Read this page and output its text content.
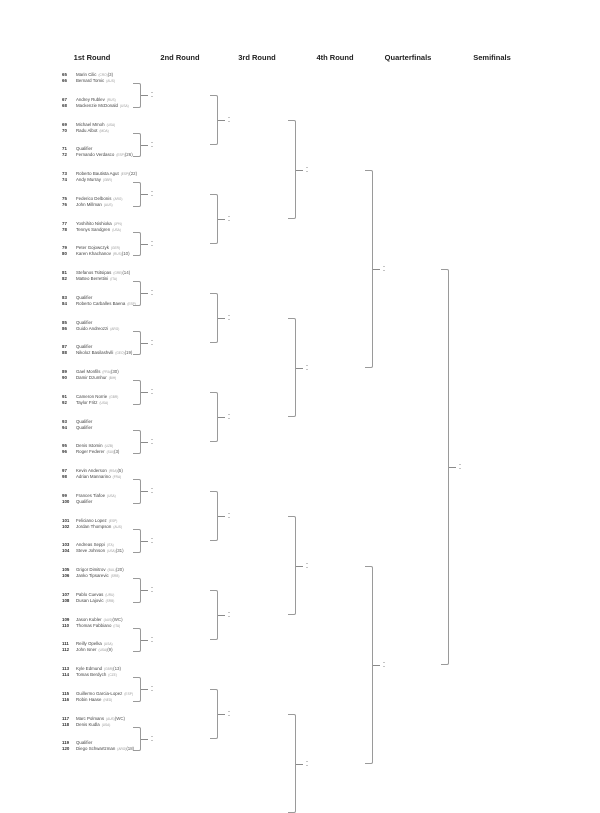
1st Round	2nd Round	3rd Round	4th Round	Quarterfinals	Semifinals
65 Marin Cilic (CRO)(3)
66 Bernard Tomic (AUS)
67 Andrey Rublev (RUS)
68 Mackenzie McDonald (USA)
69 Michael Mmoh (USA)
70 Radu Albot (MDA)
71 Qualifier
72 Fernando Verdasco (ESP)(26)
73 Roberto Bautista Agut (ESP)(22)
74 Andy Murray (GBR)
75 Federico Delbonis (ARG)
76 John Millman (AUS)
77 Yoshihito Nishioka (JPN)
78 Tennys Sandgren (USA)
79 Peter Gojowczyk (GER)
80 Karen Khachanov (RUS)(10)
81 Stefanos Tsitsipas (GRE)(14)
82 Matteo Berrettini (ITA)
83 Qualifier
84 Roberto Carballes Baena (ESP)
85 Qualifier
86 Guido Andreozzi (ARG)
87 Qualifier
88 Nikoloz Basilashvili (GEO)(19)
89 Gael Monfils (FRA)(30)
90 Damir Dzumhur (BIH)
91 Cameron Norrie (GBR)
92 Taylor Fritz (USA)
93 Qualifier
94 Qualifier
95 Denis Istomin (UZB)
96 Roger Federer (SUI)(3)
97 Kevin Anderson (RSA)(5)
98 Adrian Mannarino (FRA)
99 Frances Tiafoe (USA)
100 Qualifier
101 Feliciano Lopez (ESP)
102 Jordan Thompson (AUS)
103 Andreas Seppi (ITA)
104 Steve Johnson (USA)(31)
105 Grigor Dimitrov (BUL)(20)
106 Janko Tipsarevic (SRB)
107 Pablo Cuevas (URU)
108 Dusan Lajovic (SRB)
109 Jason Kubler (AUS)(WC)
110 Thomas Fabbiano (ITA)
111 Reilly Opelka (USA)
112 John Isner (USA)(9)
113 Kyle Edmund (GBR)(13)
114 Tomas Berdych (CZE)
115 Guillermo Garcia-Lopez (ESP)
116 Robin Haase (NED)
117 Marc Polmans (AUS)(WC)
118 Denis Kudla (USA)
119 Qualifier
120 Diego Schwartzman (ARG)(18)
